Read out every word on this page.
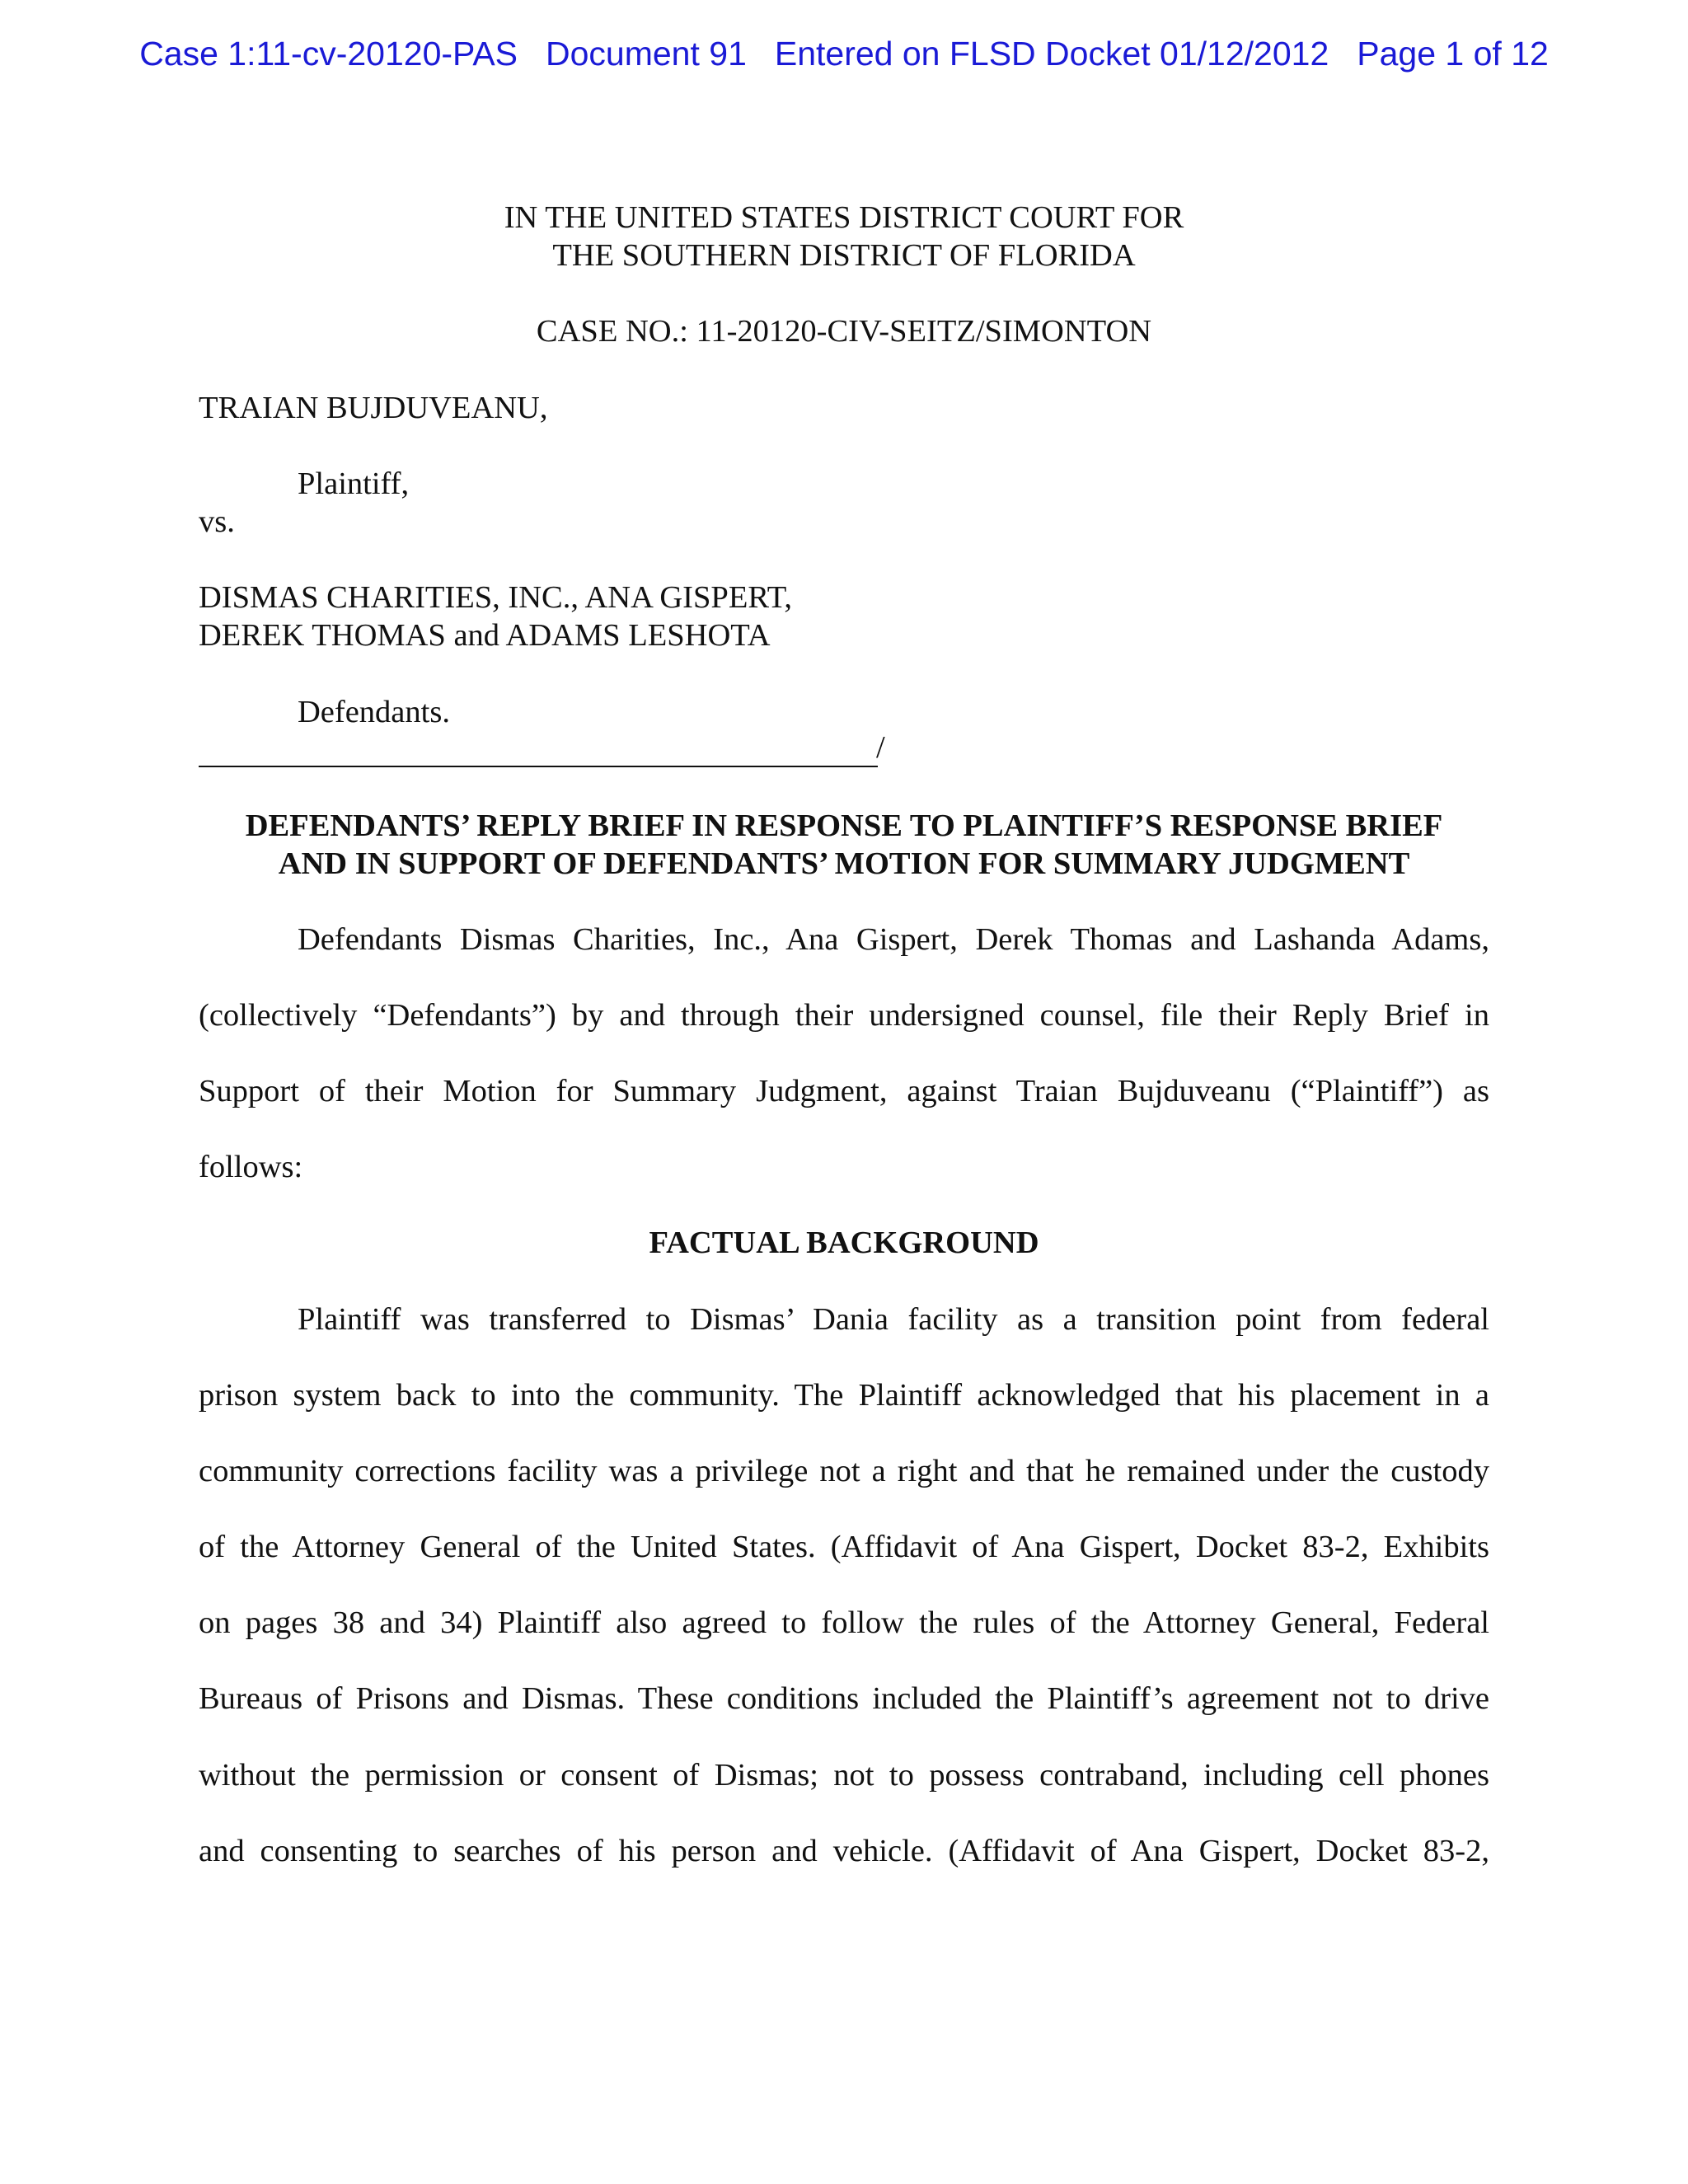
Case 1:11-cv-20120-PAS Document 91 Entered on FLSD Docket 01/12/2012 Page 1 of 12
IN THE UNITED STATES DISTRICT COURT FOR
THE SOUTHERN DISTRICT OF FLORIDA
CASE NO.: 11-20120-CIV-SEITZ/SIMONTON
TRAIAN BUJDUVEANU,
Plaintiff,
vs.
DISMAS CHARITIES, INC., ANA GISPERT,
DEREK THOMAS and ADAMS LESHOTA
Defendants.
/
DEFENDANTS’ REPLY BRIEF IN RESPONSE TO PLAINTIFF’S RESPONSE BRIEF
AND IN SUPPORT OF DEFENDANTS’ MOTION FOR SUMMARY JUDGMENT
Defendants Dismas Charities, Inc., Ana Gispert, Derek Thomas and Lashanda Adams,
(collectively “Defendants”) by and through their undersigned counsel, file their Reply Brief in
Support of their Motion for Summary Judgment, against Traian Bujduveanu (“Plaintiff”) as
follows:
FACTUAL BACKGROUND
Plaintiff was transferred to Dismas’ Dania facility as a transition point from federal
prison system back to into the community. The Plaintiff acknowledged that his placement in a
community corrections facility was a privilege not a right and that he remained under the custody
of the Attorney General of the United States. (Affidavit of Ana Gispert, Docket 83-2, Exhibits
on pages 38 and 34) Plaintiff also agreed to follow the rules of the Attorney General, Federal
Bureaus of Prisons and Dismas. These conditions included the Plaintiff’s agreement not to drive
without the permission or consent of Dismas; not to possess contraband, including cell phones
and consenting to searches of his person and vehicle. (Affidavit of Ana Gispert, Docket 83-2,
